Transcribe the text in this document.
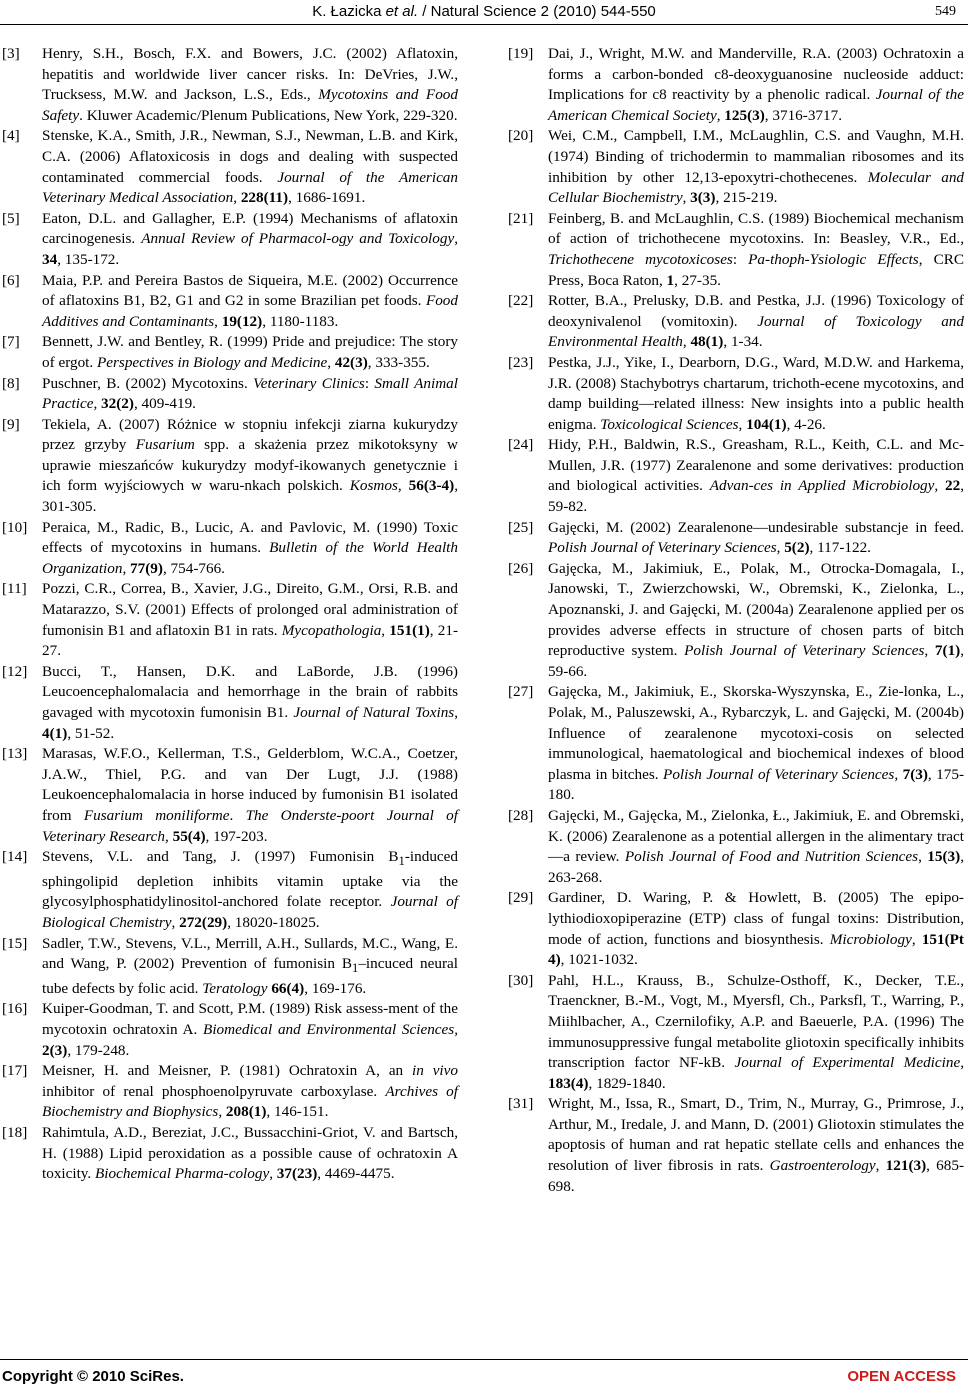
K. Łazicka et al. / Natural Science 2 (2010) 544-550	549

[3] Henry, S.H., Bosch, F.X. and Bowers, J.C. (2002) Aflatoxin, hepatitis and worldwide liver cancer risks. In: DeVries, J.W., Trucksess, M.W. and Jackson, L.S., Eds., Mycotoxins and Food Safety. Kluwer Academic/Plenum Publications, New York, 229-320.

[4] Stenske, K.A., Smith, J.R., Newman, S.J., Newman, L.B. and Kirk, C.A. (2006) Aflatoxicosis in dogs and dealing with suspected contaminated commercial foods. Journal of the American Veterinary Medical Association, 228(11), 1686-1691.

[5] Eaton, D.L. and Gallagher, E.P. (1994) Mechanisms of aflatoxin carcinogenesis. Annual Review of Pharmacol-ogy and Toxicology, 34, 135-172.

[6] Maia, P.P. and Pereira Bastos de Siqueira, M.E. (2002) Occurrence of aflatoxins B1, B2, G1 and G2 in some Brazilian pet foods. Food Additives and Contaminants, 19(12), 1180-1183.

[7] Bennett, J.W. and Bentley, R. (1999) Pride and prejudice: The story of ergot. Perspectives in Biology and Medicine, 42(3), 333-355.

[8] Puschner, B. (2002) Mycotoxins. Veterinary Clinics: Small Animal Practice, 32(2), 409-419.

[9] Tekiela, A. (2007) Różnice w stopniu infekcji ziarna kukurydzy przez grzyby Fusarium spp. a skażenia przez mikotoksyny w uprawie mieszańców kukurydzy modyf-ikowanych genetycznie i ich form wyjściowych w waru-nkach polskich. Kosmos, 56(3-4), 301-305.

[10] Peraica, M., Radic, B., Lucic, A. and Pavlovic, M. (1990) Toxic effects of mycotoxins in humans. Bulletin of the World Health Organization, 77(9), 754-766.

[11] Pozzi, C.R., Correa, B., Xavier, J.G., Direito, G.M., Orsi, R.B. and Matarazzo, S.V. (2001) Effects of prolonged oral administration of fumonisin B1 and aflatoxin B1 in rats. Mycopathologia, 151(1), 21-27.

[12] Bucci, T., Hansen, D.K. and LaBorde, J.B. (1996) Leucoencephalomalacia and hemorrhage in the brain of rabbits gavaged with mycotoxin fumonisin B1. Journal of Natural Toxins, 4(1), 51-52.

[13] Marasas, W.F.O., Kellerman, T.S., Gelderblom, W.C.A., Coetzer, J.A.W., Thiel, P.G. and van Der Lugt, J.J. (1988) Leukoencephalomalacia in horse induced by fumonisin B1 isolated from Fusarium moniliforme. The Onderste-poort Journal of Veterinary Research, 55(4), 197-203.

[14] Stevens, V.L. and Tang, J. (1997) Fumonisin $B_1$-induced sphingolipid depletion inhibits vitamin uptake via the glycosylphosphatidylinositol-anchored folate receptor. Journal of Biological Chemistry, 272(29), 18020-18025.

[15] Sadler, T.W., Stevens, V.L., Merrill, A.H., Sullards, M.C., Wang, E. and Wang, P. (2002) Prevention of fumonisin $B_1$–incuced neural tube defects by folic acid. Teratology 66(4), 169-176.

[16] Kuiper-Goodman, T. and Scott, P.M. (1989) Risk assess-ment of the mycotoxin ochratoxin A. Biomedical and Environmental Sciences, 2(3), 179-248.

[17] Meisner, H. and Meisner, P. (1981) Ochratoxin A, an in vivo inhibitor of renal phosphoenolpyruvate carboxylase. Archives of Biochemistry and Biophysics, 208(1), 146-151.

[18] Rahimtula, A.D., Bereziat, J.C., Bussacchini-Griot, V. and Bartsch, H. (1988) Lipid peroxidation as a possible cause of ochratoxin A toxicity. Biochemical Pharma-cology, 37(23), 4469-4475.

[19] Dai, J., Wright, M.W. and Manderville, R.A. (2003) Ochratoxin a forms a carbon-bonded c8-deoxyguanosine nucleoside adduct: Implications for c8 reactivity by a phenolic radical. Journal of the American Chemical Society, 125(3), 3716-3717.

[20] Wei, C.M., Campbell, I.M., McLaughlin, C.S. and Vaughn, M.H. (1974) Binding of trichodermin to mammalian ribosomes and its inhibition by other 12,13-epoxytri-chothecenes. Molecular and Cellular Biochemistry, 3(3), 215-219.

[21] Feinberg, B. and McLaughlin, C.S. (1989) Biochemical mechanism of action of trichothecene mycotoxins. In: Beasley, V.R., Ed., Trichothecene mycotoxicoses: Pa-thoph-Ysiologic Effects, CRC Press, Boca Raton, 1, 27-35.

[22] Rotter, B.A., Prelusky, D.B. and Pestka, J.J. (1996) Toxicology of deoxynivalenol (vomitoxin). Journal of Toxicology and Environmental Health, 48(1), 1-34.

[23] Pestka, J.J., Yike, I., Dearborn, D.G., Ward, M.D.W. and Harkema, J.R. (2008) Stachybotrys chartarum, trichoth-ecene mycotoxins, and damp building—related illness: New insights into a public health enigma. Toxicological Sciences, 104(1), 4-26.

[24] Hidy, P.H., Baldwin, R.S., Greasham, R.L., Keith, C.L. and Mc-Mullen, J.R. (1977) Zearalenone and some derivatives: production and biological activities. Advan-ces in Applied Microbiology, 22, 59-82.

[25] Gajęcki, M. (2002) Zearalenone—undesirable substancje in feed. Polish Journal of Veterinary Sciences, 5(2), 117-122.

[26] Gajęcka, M., Jakimiuk, E., Polak, M., Otrocka-Domagala, I., Janowski, T., Zwierzchowski, W., Obremski, K., Zielonka, L., Apoznanski, J. and Gajęcki, M. (2004a) Zearalenone applied per os provides adverse effects in structure of chosen parts of bitch reproductive system. Polish Journal of Veterinary Sciences, 7(1), 59-66.

[27] Gajęcka, M., Jakimiuk, E., Skorska-Wyszynska, E., Zie-lonka, L., Polak, M., Paluszewski, A., Rybarczyk, L. and Gajęcki, M. (2004b) Influence of zearalenone mycotoxi-cosis on selected immunological, haematological and biochemical indexes of blood plasma in bitches. Polish Journal of Veterinary Sciences, 7(3), 175-180.

[28] Gajęcki, M., Gajęcka, M., Zielonka, Ł., Jakimiuk, E. and Obremski, K. (2006) Zearalenone as a potential allergen in the alimentary tract—a review. Polish Journal of Food and Nutrition Sciences, 15(3), 263-268.

[29] Gardiner, D. Waring, P. & Howlett, B. (2005) The epipo-lythiodioxopiperazine (ETP) class of fungal toxins: Distribution, mode of action, functions and biosynthesis. Microbiology, 151(Pt 4), 1021-1032.

[30] Pahl, H.L., Krauss, B., Schulze-Osthoff, K., Decker, T.E., Traenckner, B.-M., Vogt, M., Myersfl, Ch., Parksfl, T., Warring, P., Miihlbacher, A., Czernilofiky, A.P. and Baeuerle, P.A. (1996) The immunosuppressive fungal metabolite gliotoxin specifically inhibits transcription factor NF-kB. Journal of Experimental Medicine, 183(4), 1829-1840.

[31] Wright, M., Issa, R., Smart, D., Trim, N., Murray, G., Primrose, J., Arthur, M., Iredale, J. and Mann, D. (2001) Gliotoxin stimulates the apoptosis of human and rat hepatic stellate cells and enhances the resolution of liver fibrosis in rats. Gastroenterology, 121(3), 685-698.

Copyright © 2010 SciRes.	OPEN ACCESS
